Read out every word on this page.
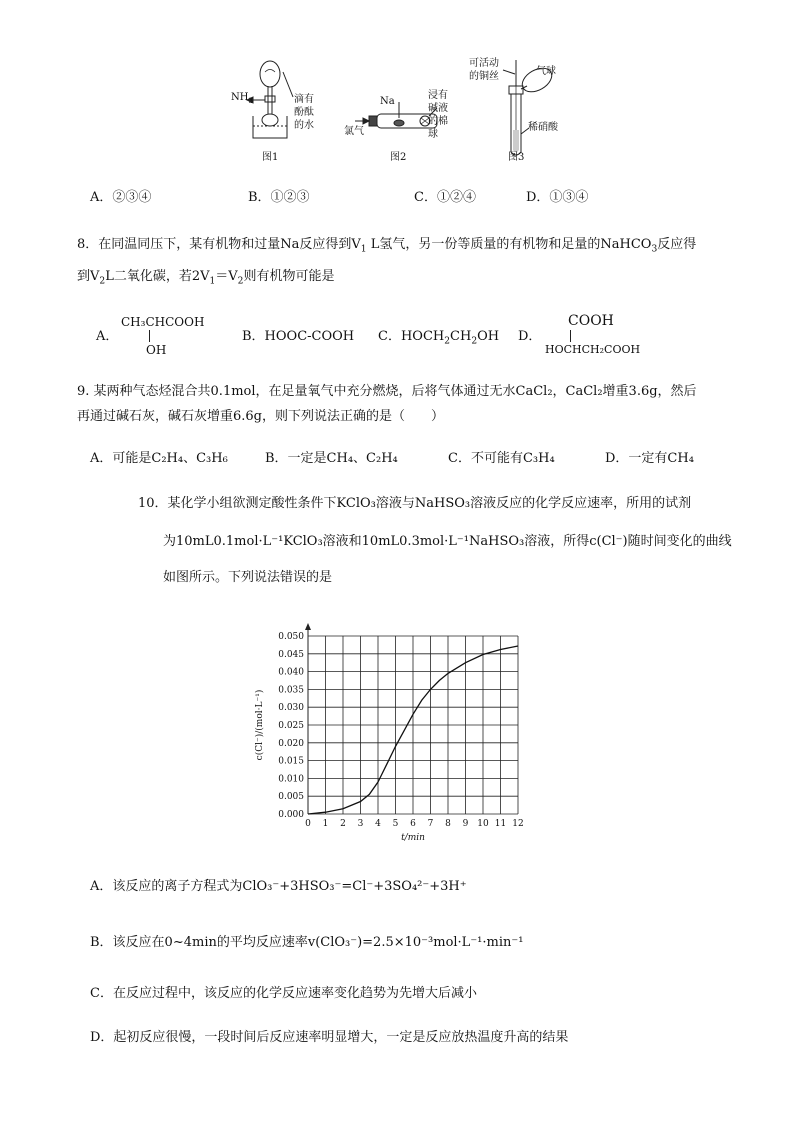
$NH_3$	滴有
酚酞
的水
图1
Na
氯气
浸有
碱液
的棉
球
图2
可活动
的铜丝	气球
稀硝酸
图3
A．②③④	B．①②③	C．①②④	D．①③④
8．在同温同压下，某有机物和过量Na反应得到$V_1$ L氢气，另一份等质量的有机物和足量的NaHCO$_3$反应得
到$V_2L$二氧化碳，若$2V_1=V_2$则有机物可能是
A．
CH₃CHCOOH
OH
B．HOOC-COOH C．$HOCH_2CH_2OH$ D．
COOH
HOCHCH₂COOH
9. 某两种气态烃混合共0.1mol，在足量氧气中充分燃烧，后将气体通过无水CaCl₂，CaCl₂增重3.6g，然后
再通过碱石灰，碱石灰增重6.6g，则下列说法正确的是（　　）
A．可能是C₂H₄、C₃H₆	B．一定是CH₄、C₂H₄	C．不可能有C₃H₄	D．一定有CH₄
10．某化学小组欲测定酸性条件下KClO₃溶液与NaHSO₃溶液反应的化学反应速率，所用的试剂
为10mL0.1mol·L⁻¹KClO₃溶液和10mL0.3mol·L⁻¹NaHSO₃溶液，所得c(Cl⁻)随时间变化的曲线
如图所示。下列说法错误的是
0 1 2 3 4 5 6 7 8 9 10 11 12
0.000
0.005
0.010
0.015
0.020
0.025
0.030
0.035
0.040
0.045
0.050
t/min
c(Cl⁻)/(mol·L⁻¹)
A．该反应的离子方程式为ClO₃⁻+3HSO₃⁻=Cl⁻+3SO₄²⁻+3H⁺
B．该反应在0~4min的平均反应速率v(ClO₃⁻)=2.5×10⁻³mol·L⁻¹·min⁻¹
C．在反应过程中，该反应的化学反应速率变化趋势为先增大后减小
D．起初反应很慢，一段时间后反应速率明显增大，一定是反应放热温度升高的结果
